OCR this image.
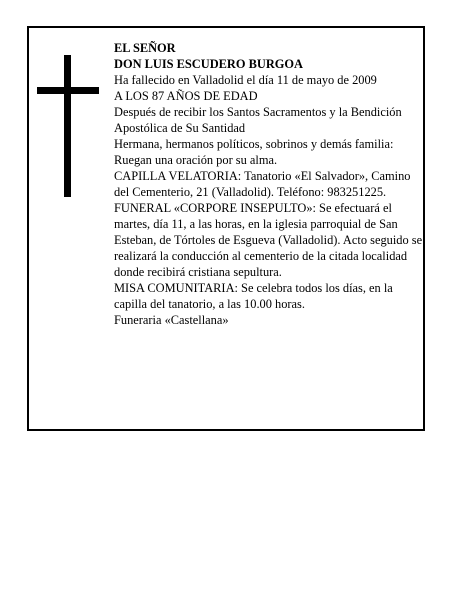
EL SEÑOR

DON LUIS ESCUDERO BURGOA

Ha fallecido en Valladolid el día 11 de mayo de 2009

A LOS 87 AÑOS DE EDAD

Después de recibir los Santos Sacramentos y la Bendición Apostólica de Su Santidad

Hermana, hermanos políticos, sobrinos y demás familia:

Ruegan una oración por su alma.

CAPILLA VELATORIA: Tanatorio «El Salvador», Camino del Cementerio, 21 (Valladolid). Teléfono: 983251225.

FUNERAL «CORPORE INSEPULTO»: Se efectuará el martes, día 11, a las horas, en la iglesia parroquial de San Esteban, de Tórtoles de Esgueva (Valladolid). Acto seguido se realizará la conducción al cementerio de la citada localidad donde recibirá cristiana sepultura.

MISA COMUNITARIA: Se celebra todos los días, en la capilla del tanatorio, a las 10.00 horas.

Funeraria «Castellana»
